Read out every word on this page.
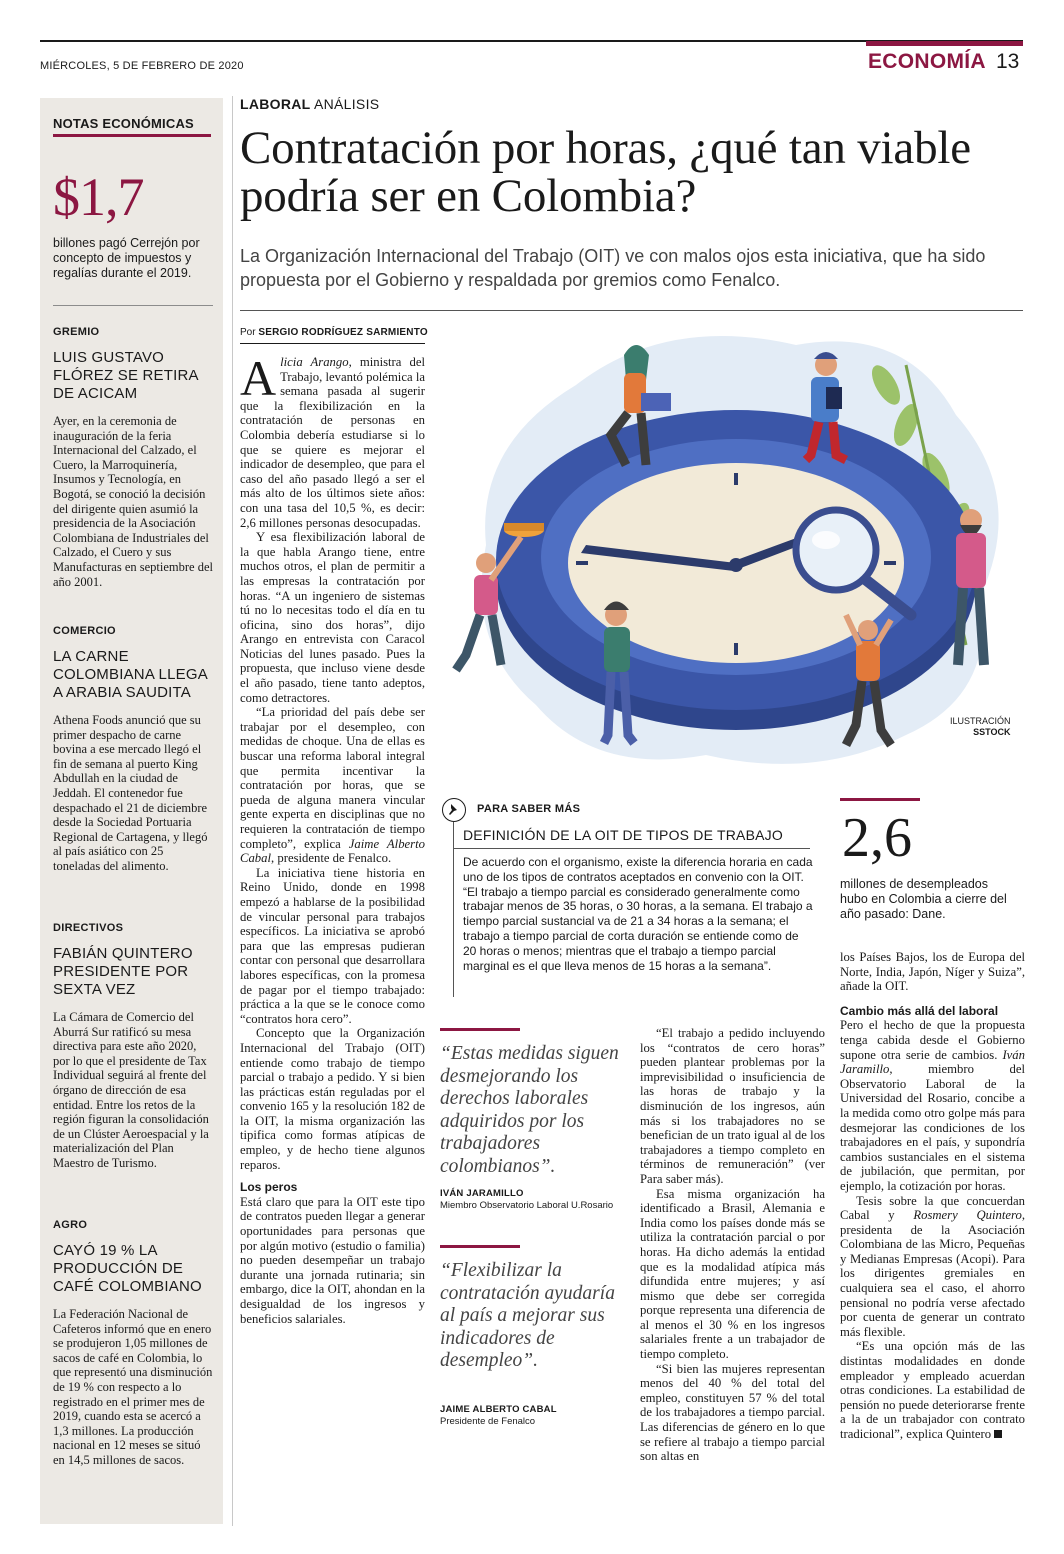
MIÉRCOLES, 5 DE FEBRERO DE 2020	ECONOMÍA 13
NOTAS ECONÓMICAS
$1,7
billones pagó Cerrejón por concepto de impuestos y regalías durante el 2019.
GREMIO
LUIS GUSTAVO FLÓREZ SE RETIRA DE ACICAM
Ayer, en la ceremonia de inauguración de la feria Internacional del Calzado, el Cuero, la Marroquinería, Insumos y Tecnología, en Bogotá, se conoció la decisión del dirigente quien asumió la presidencia de la Asociación Colombiana de Industriales del Calzado, el Cuero y sus Manufacturas en septiembre del año 2001.
COMERCIO
LA CARNE COLOMBIANA LLEGA A ARABIA SAUDITA
Athena Foods anunció que su primer despacho de carne bovina a ese mercado llegó el fin de semana al puerto King Abdullah en la ciudad de Jeddah. El contenedor fue despachado el 21 de diciembre desde la Sociedad Portuaria Regional de Cartagena, y llegó al país asiático con 25 toneladas del alimento.
DIRECTIVOS
FABIÁN QUINTERO PRESIDENTE POR SEXTA VEZ
La Cámara de Comercio del Aburrá Sur ratificó su mesa directiva para este año 2020, por lo que el presidente de Tax Individual seguirá al frente del órgano de dirección de esa entidad. Entre los retos de la región figuran la consolidación de un Clúster Aeroespacial y la materialización del Plan Maestro de Turismo.
AGRO
CAYÓ 19 % LA PRODUCCIÓN DE CAFÉ COLOMBIANO
La Federación Nacional de Cafeteros informó que en enero se produjeron 1,05 millones de sacos de café en Colombia, lo que representó una disminución de 19 % con respecto a lo registrado en el primer mes de 2019, cuando esta se acercó a 1,3 millones. La producción nacional en 12 meses se situó en 14,5 millones de sacos.
LABORAL ANÁLISIS
Contratación por horas, ¿qué tan viable podría ser en Colombia?
La Organización Internacional del Trabajo (OIT) ve con malos ojos esta iniciativa, que ha sido propuesta por el Gobierno y respaldada por gremios como Fenalco.
Por SERGIO RODRÍGUEZ SARMIENTO

Alicia Arango, ministra del Trabajo, levantó polémica la semana pasada al sugerir que la flexibilización en la contratación de personas en Colombia debería estudiarse si lo que se quiere es mejorar el indicador de desempleo, que para el caso del año pasado llegó a ser el más alto de los últimos siete años: con una tasa del 10,5 %, es decir: 2,6 millones personas desocupadas.

Y esa flexibilización laboral de la que habla Arango tiene, entre muchos otros, el plan de permitir a las empresas la contratación por horas. “A un ingeniero de sistemas tú no lo necesitas todo el día en tu oficina, sino dos horas”, dijo Arango en entrevista con Caracol Noticias del lunes pasado. Pues la propuesta, que incluso viene desde el año pasado, tiene tanto adeptos, como detractores.

“La prioridad del país debe ser trabajar por el desempleo, con medidas de choque. Una de ellas es buscar una reforma laboral integral que permita incentivar la contratación por horas, que se pueda de alguna manera vincular gente experta en disciplinas que no requieren la contratación de tiempo completo”, explica Jaime Alberto Cabal, presidente de Fenalco.

La iniciativa tiene historia en Reino Unido, donde en 1998 empezó a hablarse de la posibilidad de vincular personal para trabajos específicos. La iniciativa se aprobó para que las empresas pudieran contar con personal que desarrollara labores específicas, con la promesa de pagar por el tiempo trabajado: práctica a la que se le conoce como “contratos hora cero”.

Concepto que la Organización Internacional del Trabajo (OIT) entiende como trabajo de tiempo parcial o trabajo a pedido. Y si bien las prácticas están reguladas por el convenio 165 y la resolución 182 de la OIT, la misma organización las tipifica como formas atípicas de empleo, y de hecho tiene algunos reparos.

Los peros

Está claro que para la OIT este tipo de contratos pueden llegar a generar oportunidades para personas que por algún motivo (estudio o familia) no pueden desempeñar un trabajo durante una jornada rutinaria; sin embargo, dice la OIT, ahondan en la desigualdad de los ingresos y beneficios salariales.

ILUSTRACIÓN
SSTOCK
PARA SABER MÁS
DEFINICIÓN DE LA OIT DE TIPOS DE TRABAJO
De acuerdo con el organismo, existe la diferencia horaria en cada uno de los tipos de contratos aceptados en convenio con la OIT. “El trabajo a tiempo parcial es considerado generalmente como trabajar menos de 35 horas, o 30 horas, a la semana. El trabajo a tiempo parcial sustancial va de 21 a 34 horas a la semana; el trabajo a tiempo parcial de corta duración se entiende como de 20 horas o menos; mientras que el trabajo a tiempo parcial marginal es el que lleva menos de 15 horas a la semana”.
2,6
millones de desempleados hubo en Colombia a cierre del año pasado: Dane.
“Estas medidas siguen desmejorando los derechos laborales adquiridos por los trabajadores colombianos”.
IVÁN JARAMILLO
Miembro Observatorio Laboral U.Rosario
“Flexibilizar la contratación ayudaría al país a mejorar sus indicadores de desempleo”.
JAIME ALBERTO CABAL
Presidente de Fenalco

“El trabajo a pedido incluyendo los “contratos de cero horas” pueden plantear problemas por la imprevisibilidad o insuficiencia de las horas de trabajo y la disminución de los ingresos, aún más si los trabajadores no se benefician de un trato igual al de los trabajadores a tiempo completo en términos de remuneración” (ver Para saber más).

Esa misma organización ha identificado a Brasil, Alemania e India como los países donde más se utiliza la contratación parcial o por horas. Ha dicho además la entidad que es la modalidad atípica más difundida entre mujeres; y así mismo que debe ser corregida porque representa una diferencia de al menos el 30 % en los ingresos salariales frente a un trabajador de tiempo completo.

“Si bien las mujeres representan menos del 40 % del total del empleo, constituyen 57 % del total de los trabajadores a tiempo parcial. Las diferencias de género en lo que se refiere al trabajo a tiempo parcial son altas en

los Países Bajos, los de Europa del Norte, India, Japón, Níger y Suiza”, añade la OIT.

Cambio más allá del laboral

Pero el hecho de que la propuesta tenga cabida desde el Gobierno supone otra serie de cambios. Iván Jaramillo, miembro del Observatorio Laboral de la Universidad del Rosario, concibe a la medida como otro golpe más para desmejorar las condiciones de los trabajadores en el país, y supondría cambios sustanciales en el sistema de jubilación, que permitan, por ejemplo, la cotización por horas.

Tesis sobre la que concuerdan Cabal y Rosmery Quintero, presidenta de la Asociación Colombiana de las Micro, Pequeñas y Medianas Empresas (Acopi). Para los dirigentes gremiales en cualquiera sea el caso, el ahorro pensional no podría verse afectado por cuenta de generar un contrato más flexible.

“Es una opción más de las distintas modalidades en donde empleador y empleado acuerdan otras condiciones. La estabilidad de pensión no puede deteriorarse frente a la de un trabajador con contrato tradicional”, explica Quintero
